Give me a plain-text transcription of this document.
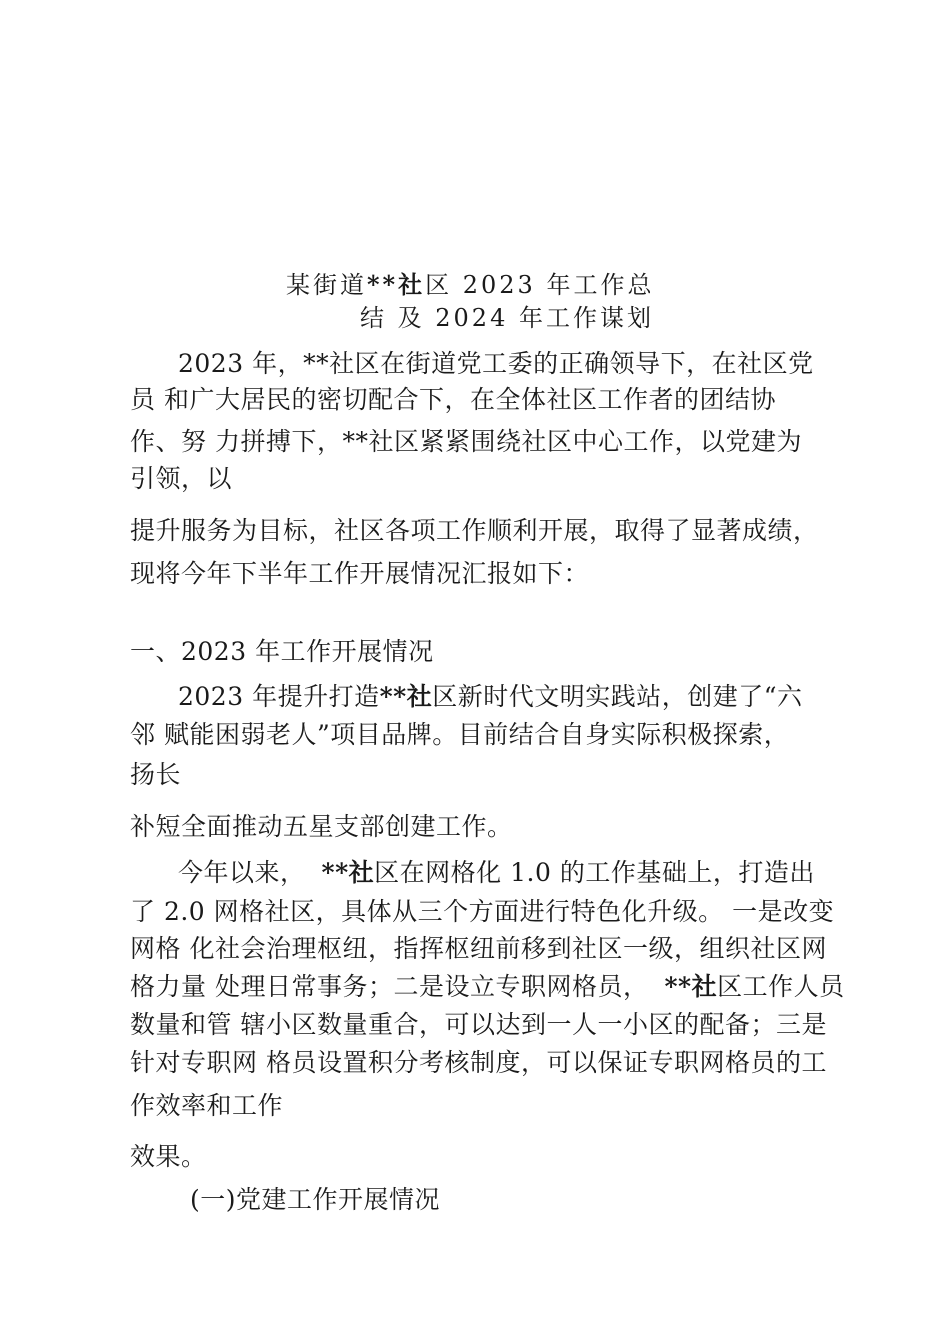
某街道**社区 2023 年工作总
结 及 2024 年工作谋划
2023 年，**社区在街道党工委的正确领导下，在社区党
员 和广大居民的密切配合下，在全体社区工作者的团结协
作、努 力拼搏下，**社区紧紧围绕社区中心工作，以党建为
引领，以
提升服务为目标，社区各项工作顺利开展，取得了显著成绩，
现将今年下半年工作开展情况汇报如下：
一、2023 年工作开展情况
2023 年提升打造**社区新时代文明实践站，创建了“六
邻 赋能困弱老人”项目品牌。目前结合自身实际积极探索，
扬长
补短全面推动五星支部创建工作。
今年以来， **社区在网格化 1.0 的工作基础上，打造出
了 2.0 网格社区，具体从三个方面进行特色化升级。 一是改变
网格 化社会治理枢纽，指挥枢纽前移到社区一级，组织社区网
格力量 处理日常事务；二是设立专职网格员， **社区工作人员
数量和管 辖小区数量重合，可以达到一人一小区的配备；三是
针对专职网 格员设置积分考核制度，可以保证专职网格员的工
作效率和工作
效果。
(一)党建工作开展情况
